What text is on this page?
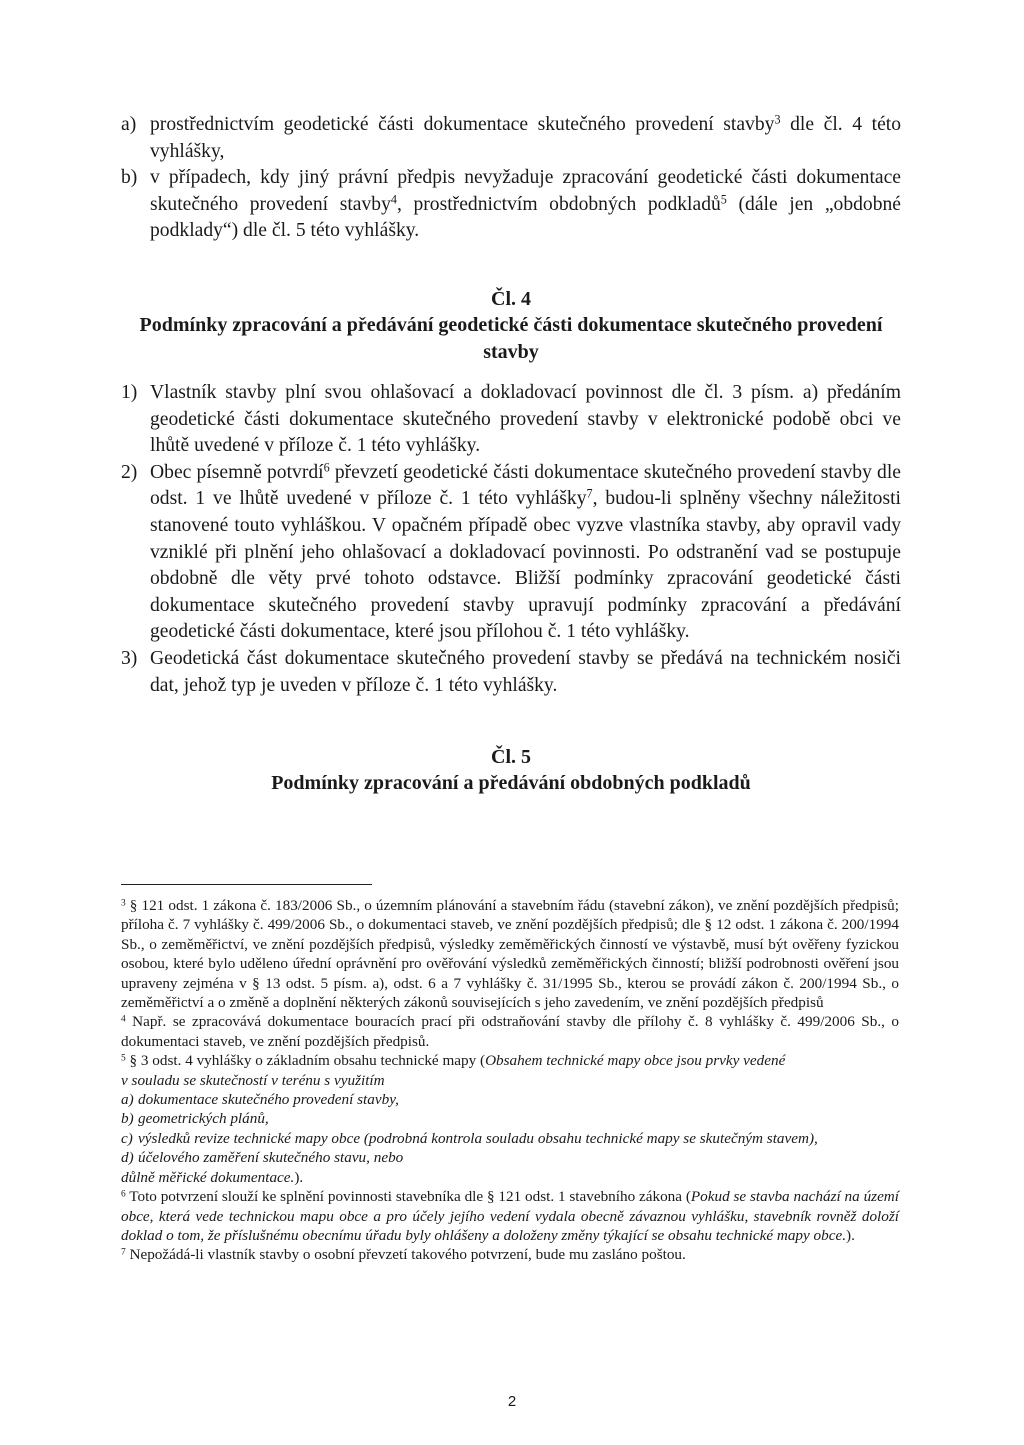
a) prostřednictvím geodetické části dokumentace skutečného provedení stavby$^3$ dle čl. 4 této vyhlášky,
b) v případech, kdy jiný právní předpis nevyžaduje zpracování geodetické části dokumentace skutečného provedení stavby$^4$, prostřednictvím obdobných podkladů$^5$ (dále jen „obdobné podklady“) dle čl. 5 této vyhlášky.
Čl. 4
Podmínky zpracování a předávání geodetické části dokumentace skutečného provedení stavby
1) Vlastník stavby plní svou ohlašovací a dokladovací povinnost dle čl. 3 písm. a) předáním geodetické části dokumentace skutečného provedení stavby v elektronické podobě obci ve lhůtě uvedené v příloze č. 1 této vyhlášky.
2) Obec písemně potvrdí$^6$ převzetí geodetické části dokumentace skutečného provedení stavby dle odst. 1 ve lhůtě uvedené v příloze č. 1 této vyhlášky$^7$, budou-li splněny všechny náležitosti stanovené touto vyhláškou. V opačném případě obec vyzve vlastníka stavby, aby opravil vady vzniklé při plnění jeho ohlašovací a dokladovací povinnosti. Po odstranění vad se postupuje obdobně dle věty prvé tohoto odstavce. Bližší podmínky zpracování geodetické části dokumentace skutečného provedení stavby upravují podmínky zpracování a předávání geodetické části dokumentace, které jsou přílohou č. 1 této vyhlášky.
3) Geodetická část dokumentace skutečného provedení stavby se předává na technickém nosiči dat, jehož typ je uveden v příloze č. 1 této vyhlášky.
Čl. 5
Podmínky zpracování a předávání obdobných podkladů

$^3$ § 121 odst. 1 zákona č. 183/2006 Sb., o územním plánování a stavebním řádu (stavební zákon), ve znění pozdějších předpisů; příloha č. 7 vyhlášky č. 499/2006 Sb., o dokumentaci staveb, ve znění pozdějších předpisů; dle § 12 odst. 1 zákona č. 200/1994 Sb., o zeměměřictví, ve znění pozdějších předpisů, výsledky zeměměřických činností ve výstavbě, musí být ověřeny fyzickou osobou, které bylo uděleno úřední oprávnění pro ověřování výsledků zeměměřických činností; bližší podrobnosti ověření jsou upraveny zejména v § 13 odst. 5 písm. a), odst. 6 a 7 vyhlášky č. 31/1995 Sb., kterou se provádí zákon č. 200/1994 Sb., o zeměměřictví a o změně a doplnění některých zákonů souvisejících s jeho zavedením, ve znění pozdějších předpisů

$^4$ Např. se zpracovává dokumentace bouracích prací při odstraňování stavby dle přílohy č. 8 vyhlášky č. 499/2006 Sb., o dokumentaci staveb, ve znění pozdějších předpisů.

$^5$ § 3 odst. 4 vyhlášky o základním obsahu technické mapy (Obsahem technické mapy obce jsou prvky vedené

v souladu se skutečností v terénu s využitím

a) dokumentace skutečného provedení stavby,
b) geometrických plánů,
c) výsledků revize technické mapy obce (podrobná kontrola souladu obsahu technické mapy se skutečným stavem),
d) účelového zaměření skutečného stavu, nebo

důlně měřické dokumentace.).

$^6$ Toto potvrzení slouží ke splnění povinnosti stavebníka dle § 121 odst. 1 stavebního zákona (Pokud se stavba nachází na území obce, která vede technickou mapu obce a pro účely jejího vedení vydala obecně závaznou vyhlášku, stavebník rovněž doloží doklad o tom, že příslušnému obecnímu úřadu byly ohlášeny a doloženy změny týkající se obsahu technické mapy obce.).

$^7$ Nepožádá-li vlastník stavby o osobní převzetí takového potvrzení, bude mu zasláno poštou.

2
